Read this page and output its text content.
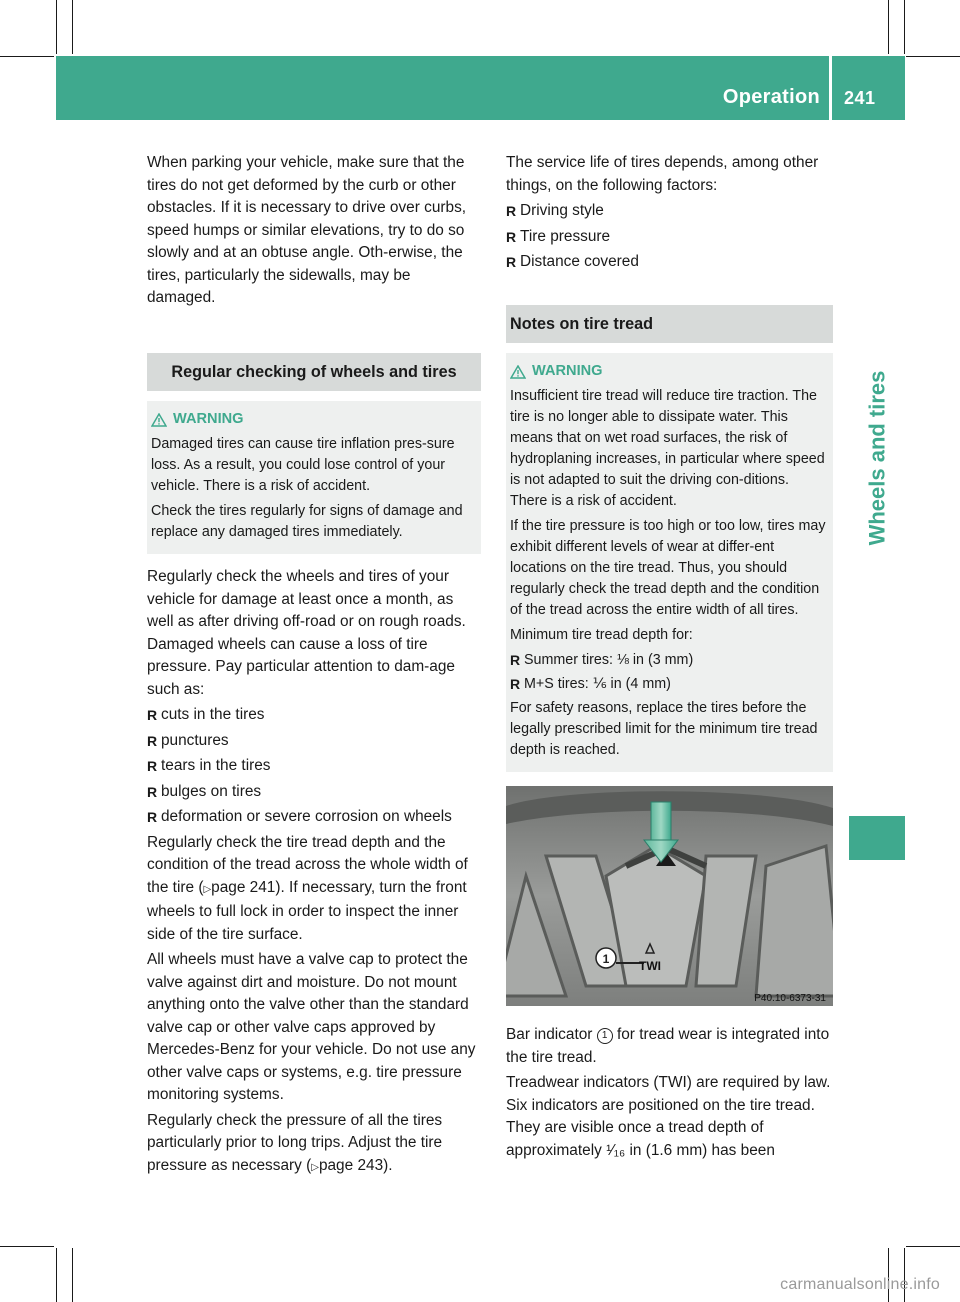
Operation 241
Wheels and tires

When parking your vehicle, make sure that the tires do not get deformed by the curb or other obstacles. If it is necessary to drive over curbs, speed humps or similar elevations, try to do so slowly and at an obtuse angle. Oth-erwise, the tires, particularly the sidewalls, may be damaged.

Regular checking of wheels and tires
WARNING

Damaged tires can cause tire inflation pres-sure loss. As a result, you could lose control of your vehicle. There is a risk of accident.

Check the tires regularly for signs of damage and replace any damaged tires immediately.

Regularly check the wheels and tires of your vehicle for damage at least once a month, as well as after driving off-road or on rough roads. Damaged wheels can cause a loss of tire pressure. Pay particular attention to dam-age such as:

R cuts in the tires
R punctures
R tears in the tires
R bulges on tires
R deformation or severe corrosion on wheels

Regularly check the tire tread depth and the condition of the tread across the whole width of the tire (▷page 241). If necessary, turn the front wheels to full lock in order to inspect the inner side of the tire surface.

All wheels must have a valve cap to protect the valve against dirt and moisture. Do not mount anything onto the valve other than the standard valve cap or other valve caps approved by Mercedes-Benz for your vehicle. Do not use any other valve caps or systems, e.g. tire pressure monitoring systems.

Regularly check the pressure of all the tires particularly prior to long trips. Adjust the tire pressure as necessary (▷page 243).

The service life of tires depends, among other things, on the following factors:

R Driving style
R Tire pressure
R Distance covered
Notes on tire tread
WARNING

Insufficient tire tread will reduce tire traction. The tire is no longer able to dissipate water. This means that on wet road surfaces, the risk of hydroplaning increases, in particular where speed is not adapted to suit the driving con-ditions. There is a risk of accident.

If the tire pressure is too high or too low, tires may exhibit different levels of wear at differ-ent locations on the tire tread. Thus, you should regularly check the tread depth and the condition of the tread across the entire width of all tires.

Minimum tire tread depth for:

R Summer tires: ⅛ in (3 mm)
R M+S tires: ⅙ in (4 mm)

For safety reasons, replace the tires before the legally prescribed limit for the minimum tire tread depth is reached.

1 TWI
P40.10-6373-31

Bar indicator 1 for tread wear is integrated into the tire tread.

Treadwear indicators (TWI) are required by law. Six indicators are positioned on the tire tread. They are visible once a tread depth of approximately ¹⁄₁₆ in (1.6 mm) has been

carmanualsonline.info
